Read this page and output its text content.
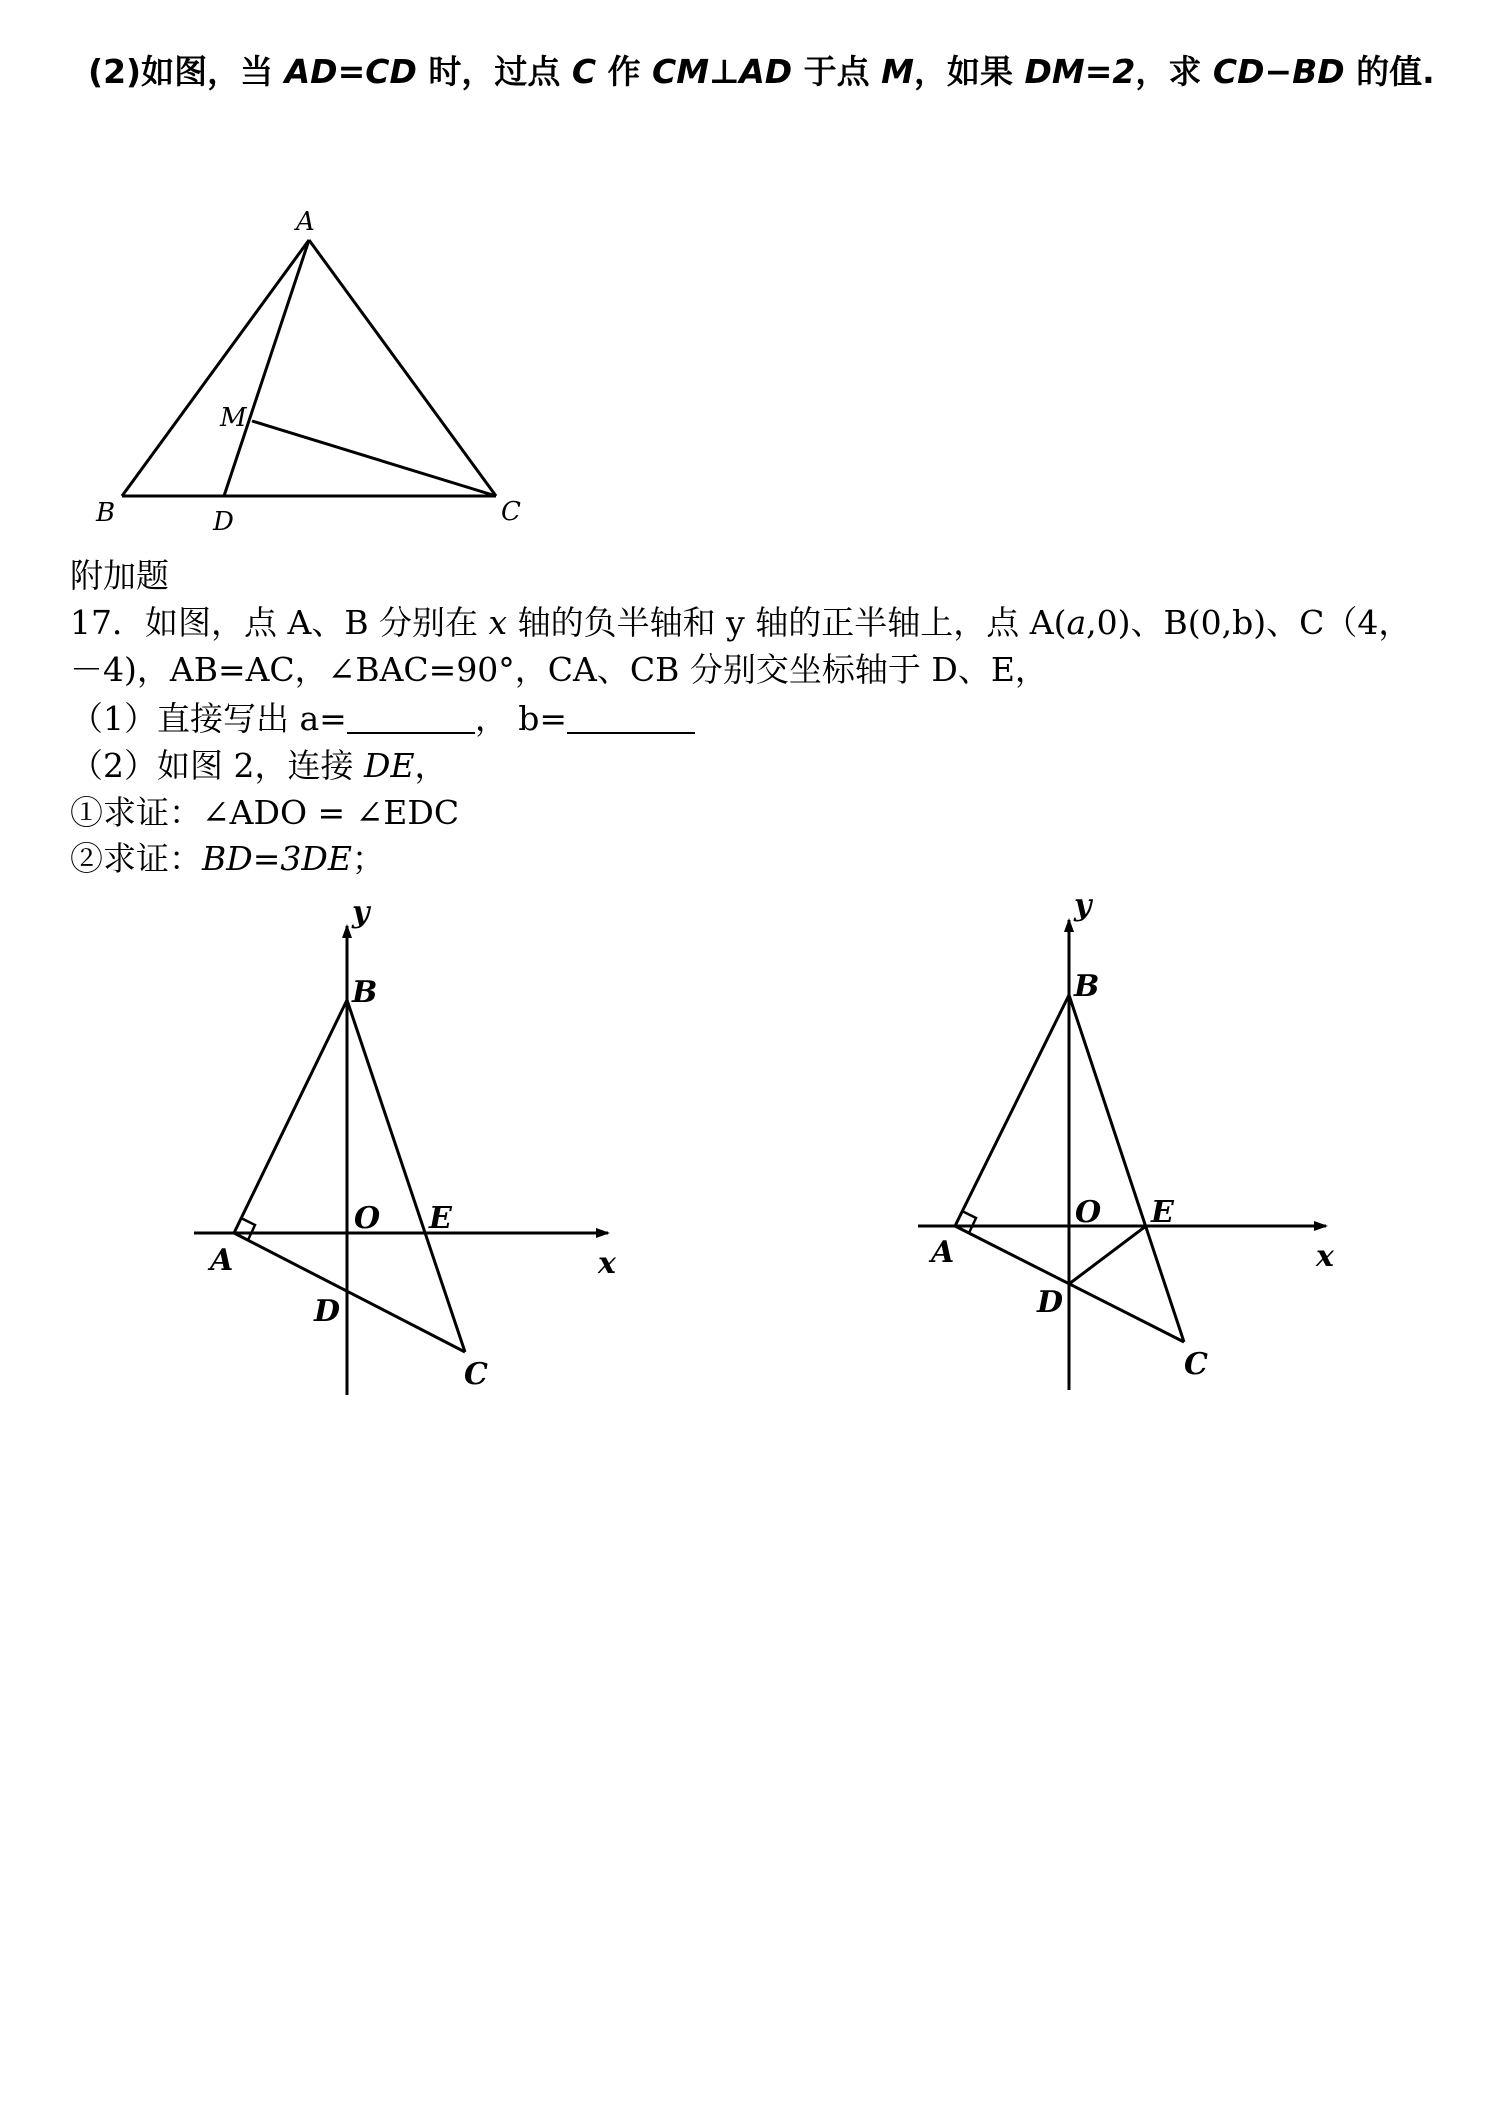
(2)如图，当 AD=CD 时，过点 C 作 CM⊥AD 于点 M，如果 DM=2，求 CD−BD 的值.
A
B	C
D
M
附加题
17．如图，点 A、B 分别在 x 轴的负半轴和 y 轴的正半轴上，点 A(a,0)、B(0,b)、C（4，
－4)，AB=AC，∠BAC=90°，CA、CB 分别交坐标轴于 D、E，
（1）直接写出 a=	， b=
（2）如图 2，连接 DE，
①求证：∠ADO = ∠EDC
②求证：BD=3DE；
y
B
O E
A	x
D
C
y
B
O E
A	x
D
C
